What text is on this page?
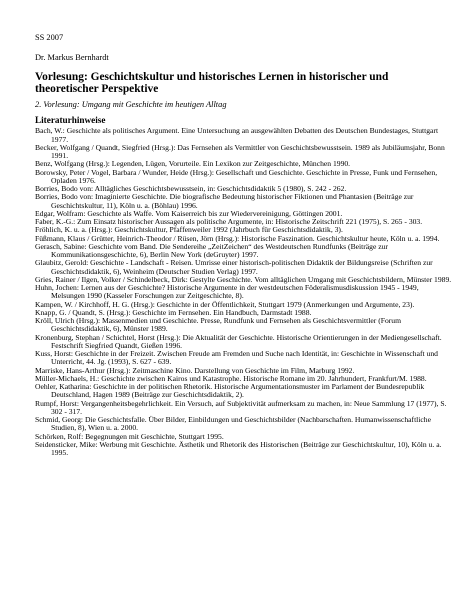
SS 2007
Dr. Markus Bernhardt
Vorlesung: Geschichtskultur und historisches Lernen in historischer und theoretischer Perspektive
2. Vorlesung: Umgang mit Geschichte im heutigen Alltag
Literaturhinweise
Bach, W.: Geschichte als politisches Argument. Eine Untersuchung an ausgewählten Debatten des Deutschen Bundestages, Stuttgart 1977.
Becker, Wolfgang / Quandt, Siegfried (Hrsg.): Das Fernsehen als Vermittler von Geschichtsbewusstsein. 1989 als Jubiläumsjahr, Bonn 1991.
Benz, Wolfgang (Hrsg.): Legenden, Lügen, Vorurteile. Ein Lexikon zur Zeitgeschichte, München 1990.
Borowsky, Peter / Vogel, Barbara / Wunder, Heide (Hrsg.): Gesellschaft und Geschichte. Geschichte in Presse, Funk und Fernsehen, Opladen 1976.
Borries, Bodo von: Alltägliches Geschichtsbewusstsein, in: Geschichtsdidaktik 5 (1980), S. 242 - 262.
Borries, Bodo von: Imaginierte Geschichte. Die biografische Bedeutung historischer Fiktionen und Phantasien (Beiträge zur Geschichtskultur, 11), Köln u. a. (Böhlau) 1996.
Edgar, Wolfram: Geschichte als Waffe. Vom Kaiserreich bis zur Wiedervereinigung, Göttingen 2001.
Faber, K.-G.: Zum Einsatz historischer Aussagen als politische Argumente, in: Historische Zeitschrift 221 (1975), S. 265 - 303.
Fröhlich, K. u. a. (Hrsg.): Geschichtskultur, Pfaffenweiler 1992 (Jahrbuch für Geschichtsdidaktik, 3).
Füßmann, Klaus / Grütter, Heinrich-Theodor / Rüsen, Jörn (Hrsg.): Historische Faszination. Geschichtskultur heute, Köln u. a. 1994.
Gerasch, Sabine: Geschichte vom Band. Die Sendereihe „ZeitZeichen“ des Westdeutschen Rundfunks (Beiträge zur Kommunikationsgeschichte, 6), Berlin New York (deGruyter) 1997.
Glaubitz, Gerold: Geschichte - Landschaft - Reisen. Umrisse einer historisch-politischen Didaktik der Bildungsreise (Schriften zur Geschichtsdidaktik, 6), Weinheim (Deutscher Studien Verlag) 1997.
Gries, Rainer / Ilgen, Volker / Schindelbeck, Dirk: Gestylte Geschichte. Vom alltäglichen Umgang mit Geschichtsbildern, Münster 1989.
Huhn, Jochen: Lernen aus der Geschichte? Historische Argumente in der westdeutschen Föderalismusdiskussion 1945 - 1949, Melsungen 1990 (Kasseler Forschungen zur Zeitgeschichte, 8).
Kampen, W. / Kirchhoff, H. G. (Hrsg.): Geschichte in der Öffentlichkeit, Stuttgart 1979 (Anmerkungen und Argumente, 23).
Knapp, G. / Quandt, S. (Hrsg.): Geschichte im Fernsehen. Ein Handbuch, Darmstadt 1988.
Kröll, Ulrich (Hrsg.): Massenmedien und Geschichte. Presse, Rundfunk und Fernsehen als Geschichtsvermittler (Forum Geschichtsdidaktik, 6), Münster 1989.
Kronenburg, Stephan / Schichtel, Horst (Hrsg.): Die Aktualität der Geschichte. Historische Orientierungen in der Mediengesellschaft. Festschrift Siegfried Quandt, Gießen 1996.
Kuss, Horst: Geschichte in der Freizeit. Zwischen Freude am Fremden und Suche nach Identität, in: Geschichte in Wissenschaft und Unterricht, 44. Jg. (1993), S. 627 - 639.
Marriske, Hans-Arthur (Hrsg.): Zeitmaschine Kino. Darstellung von Geschichte im Film, Marburg 1992.
Müller-Michaels, H.: Geschichte zwischen Kairos und Katastrophe. Historische Romane im 20. Jahrhundert, Frankfurt/M. 1988.
Oehler, Katharina: Geschichte in der politischen Rhetorik. Historische Argumentationsmuster im Parlament der Bundesrepublik Deutschland, Hagen 1989 (Beiträge zur Geschichtsdidaktik, 2).
Rumpf, Horst: Vergangenheitsbegehrlichkeit. Ein Versuch, auf Subjektivität aufmerksam zu machen, in: Neue Sammlung 17 (1977), S. 302 - 317.
Schmid, Georg: Die Geschichtsfalle. Über Bilder, Einbildungen und Geschichtsbilder (Nachbarschaften. Humanwissenschaftliche Studien, 8), Wien u. a. 2000.
Schörken, Rolf: Begegnungen mit Geschichte, Stuttgart 1995.
Seidensticker, Mike: Werbung mit Geschichte. Ästhetik und Rhetorik des Historischen (Beiträge zur Geschichtskultur, 10), Köln u. a. 1995.
